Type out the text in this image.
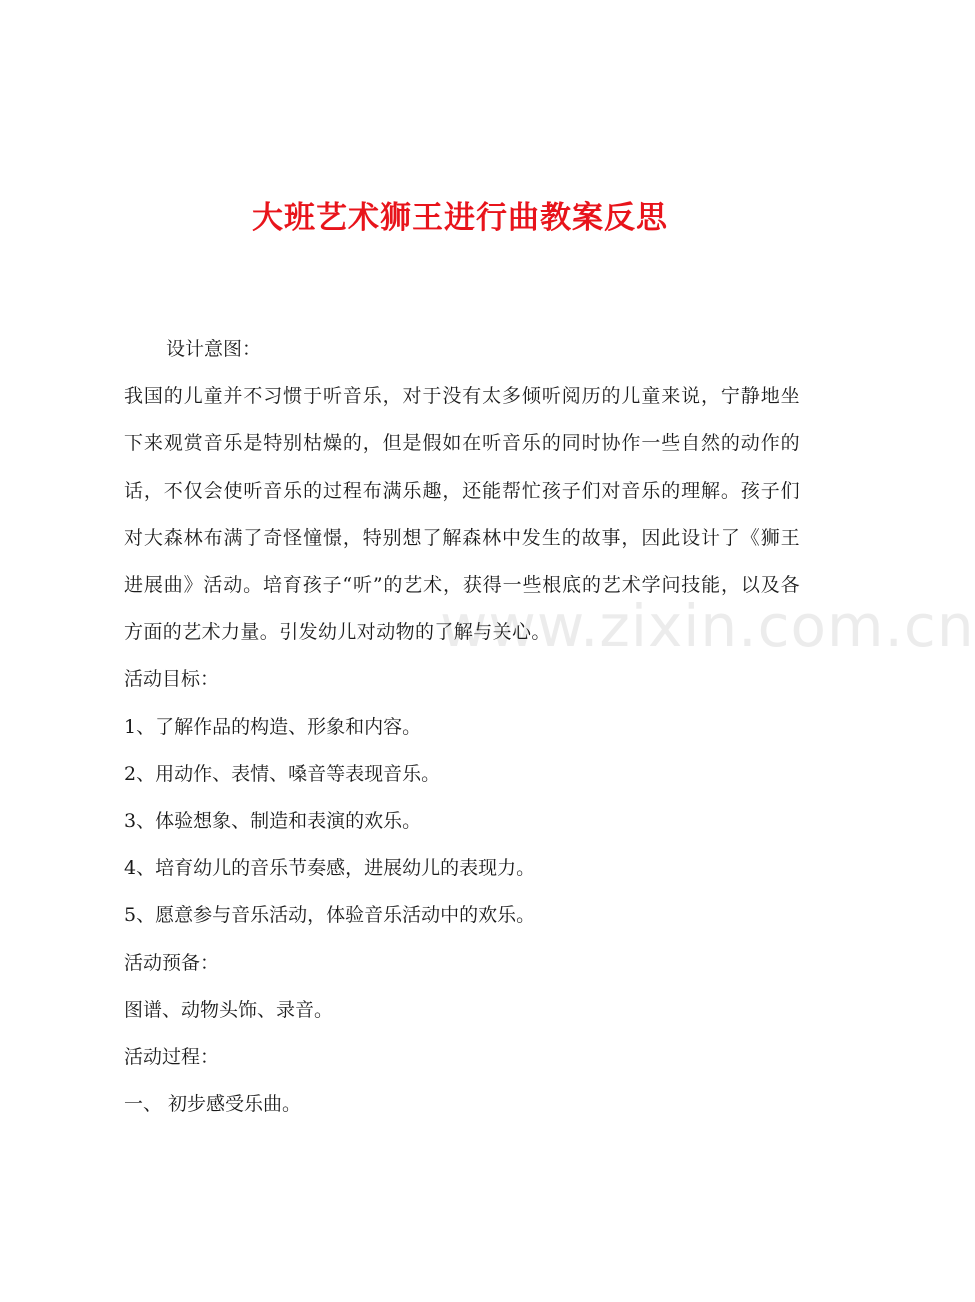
www.zixin.com.cn
大班艺术狮王进行曲教案反思

设计意图：

我国的儿童并不习惯于听音乐，对于没有太多倾听阅历的儿童来说，宁静地坐下来观赏音乐是特别枯燥的，但是假如在听音乐的同时协作一些自然的动作的话，不仅会使听音乐的过程布满乐趣，还能帮忙孩子们对音乐的理解。孩子们对大森林布满了奇怪憧憬，特别想了解森林中发生的故事，因此设计了《狮王进展曲》活动。培育孩子“听”的艺术，获得一些根底的艺术学问技能，以及各方面的艺术力量。引发幼儿对动物的了解与关心。

活动目标：

1、了解作品的构造、形象和内容。

2、用动作、表情、嗓音等表现音乐。

3、体验想象、制造和表演的欢乐。

4、培育幼儿的音乐节奏感，进展幼儿的表现力。

5、愿意参与音乐活动，体验音乐活动中的欢乐。

活动预备：

图谱、动物头饰、录音。

活动过程：

一、 初步感受乐曲。
